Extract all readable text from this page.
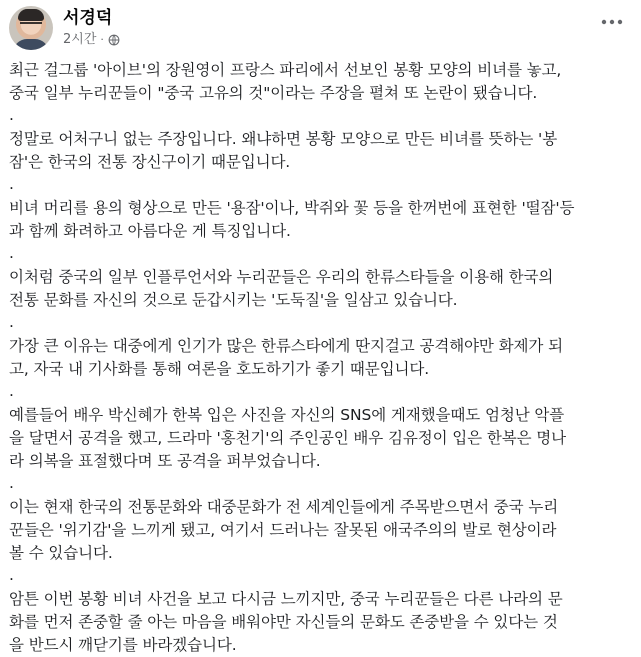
서경덕
2시간 ·

최근 걸그룹 '아이브'의 장원영이 프랑스 파리에서 선보인 봉황 모양의 비녀를 놓고,
중국 일부 누리꾼들이 "중국 고유의 것"이라는 주장을 펼쳐 또 논란이 됐습니다.

.

정말로 어처구니 없는 주장입니다. 왜냐하면 봉황 모양으로 만든 비녀를 뜻하는 '봉
잠'은 한국의 전통 장신구이기 때문입니다.

.

비녀 머리를 용의 형상으로 만든 '용잠'이나, 박쥐와 꽃 등을 한꺼번에 표현한 '떨잠'등
과 함께 화려하고 아름다운 게 특징입니다.

.

이처럼 중국의 일부 인플루언서와 누리꾼들은 우리의 한류스타들을 이용해 한국의
전통 문화를 자신의 것으로 둔갑시키는 '도둑질'을 일삼고 있습니다.

.

가장 큰 이유는 대중에게 인기가 많은 한류스타에게 딴지걸고 공격해야만 화제가 되
고, 자국 내 기사화를 통해 여론을 호도하기가 좋기 때문입니다.

.

예를들어 배우 박신혜가 한복 입은 사진을 자신의 SNS에 게재했을때도 엄청난 악플
을 달면서 공격을 했고, 드라마 '홍천기'의 주인공인 배우 김유정이 입은 한복은 명나
라 의복을 표절했다며 또 공격을 퍼부었습니다.

.

이는 현재 한국의 전통문화와 대중문화가 전 세계인들에게 주목받으면서 중국 누리
꾼들은 '위기감'을 느끼게 됐고, 여기서 드러나는 잘못된 애국주의의 발로 현상이라
볼 수 있습니다.

.

암튼 이번 봉황 비녀 사건을 보고 다시금 느끼지만, 중국 누리꾼들은 다른 나라의 문
화를 먼저 존중할 줄 아는 마음을 배워야만 자신들의 문화도 존중받을 수 있다는 것
을 반드시 깨닫기를 바라겠습니다.
